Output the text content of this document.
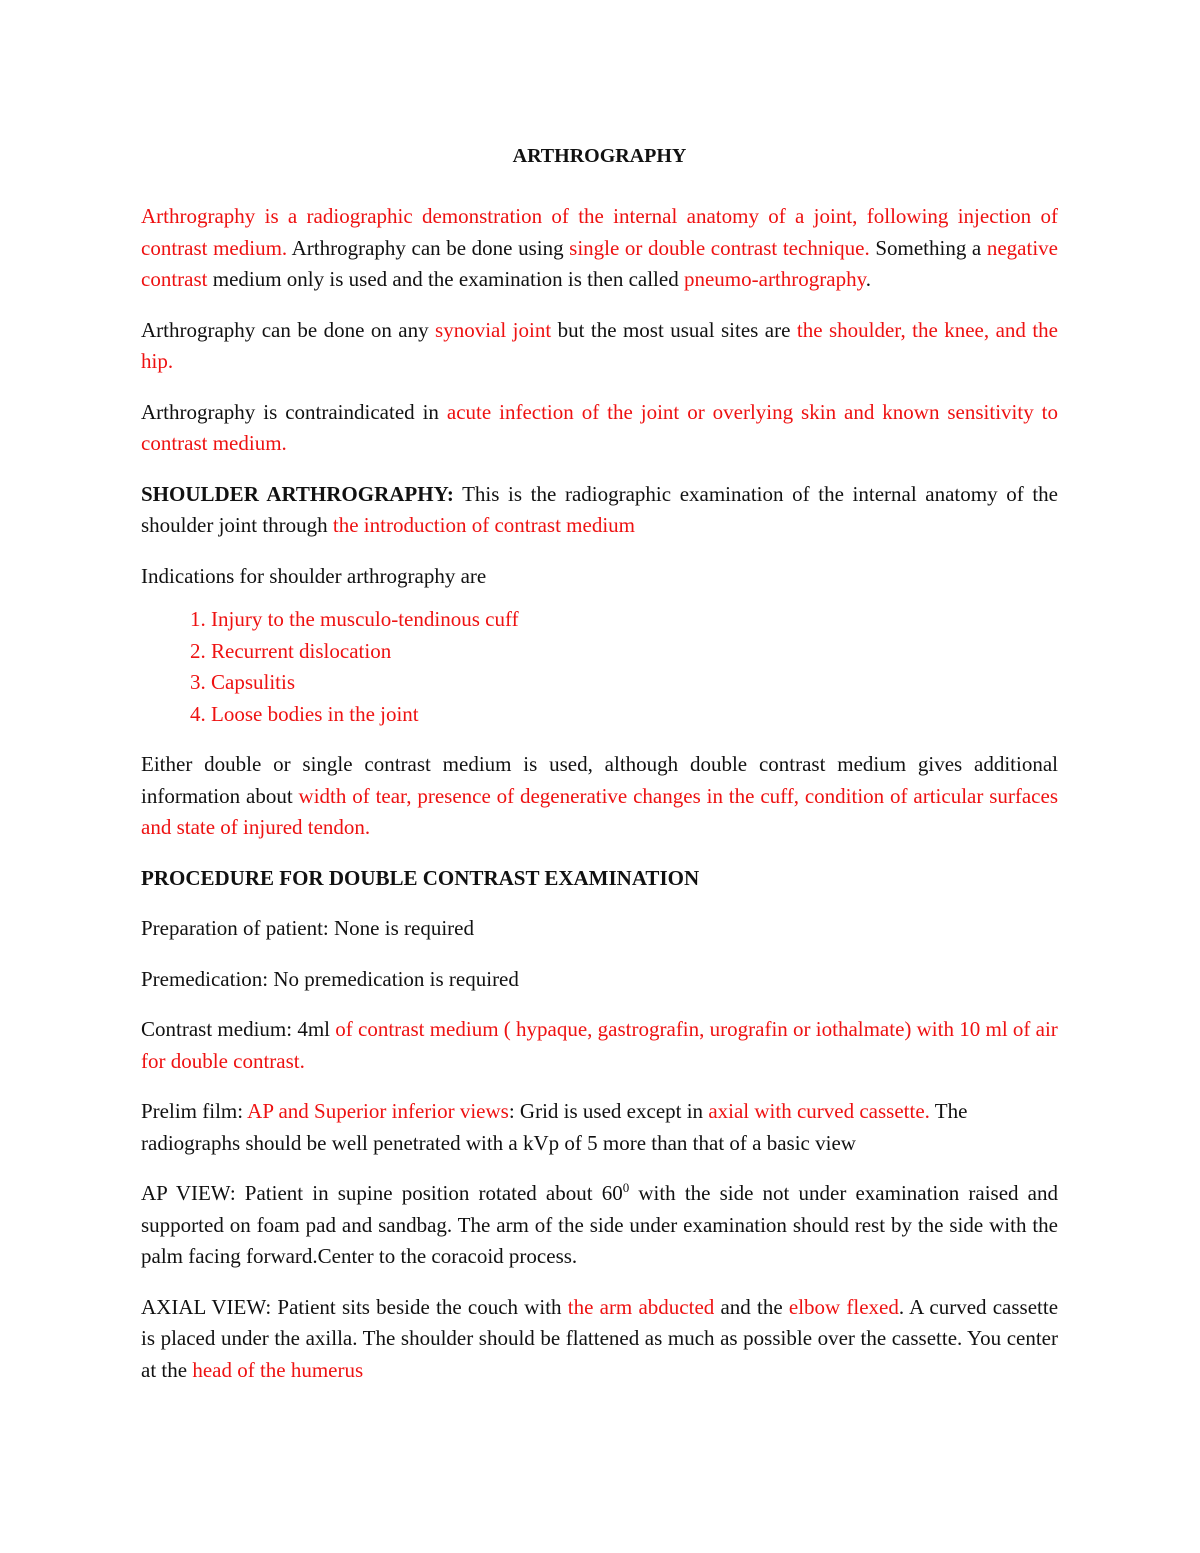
ARTHROGRAPHY

Arthrography is a radiographic demonstration of the internal anatomy of a joint, following injection of contrast medium. Arthrography can be done using single or double contrast technique. Something a negative contrast medium only is used and the examination is then called pneumo-arthrography.

Arthrography can be done on any synovial joint but the most usual sites are the shoulder, the knee, and the hip.

Arthrography is contraindicated in acute infection of the joint or overlying skin and known sensitivity to contrast medium.

SHOULDER ARTHROGRAPHY: This is the radiographic examination of the internal anatomy of the shoulder joint through the introduction of contrast medium

Indications for shoulder arthrography are

1. Injury to the musculo-tendinous cuff
2. Recurrent dislocation
3. Capsulitis
4. Loose bodies in the joint

Either double or single contrast medium is used, although double contrast medium gives additional information about width of tear, presence of degenerative changes in the cuff, condition of articular surfaces and state of injured tendon.

PROCEDURE FOR DOUBLE CONTRAST EXAMINATION

Preparation of patient: None is required

Premedication: No premedication is required

Contrast medium: 4ml of contrast medium ( hypaque, gastrografin, urografin or iothalmate) with 10 ml of air for double contrast.

Prelim film: AP and Superior inferior views: Grid is used except in axial with curved cassette. The radiographs should be well penetrated with a kVp of 5 more than that of a basic view

AP VIEW: Patient in supine position rotated about $60^0$ with the side not under examination raised and supported on foam pad and sandbag. The arm of the side under examination should rest by the side with the palm facing forward.Center to the coracoid process.

AXIAL VIEW: Patient sits beside the couch with the arm abducted and the elbow flexed. A curved cassette is placed under the axilla. The shoulder should be flattened as much as possible over the cassette. You center at the head of the humerus
